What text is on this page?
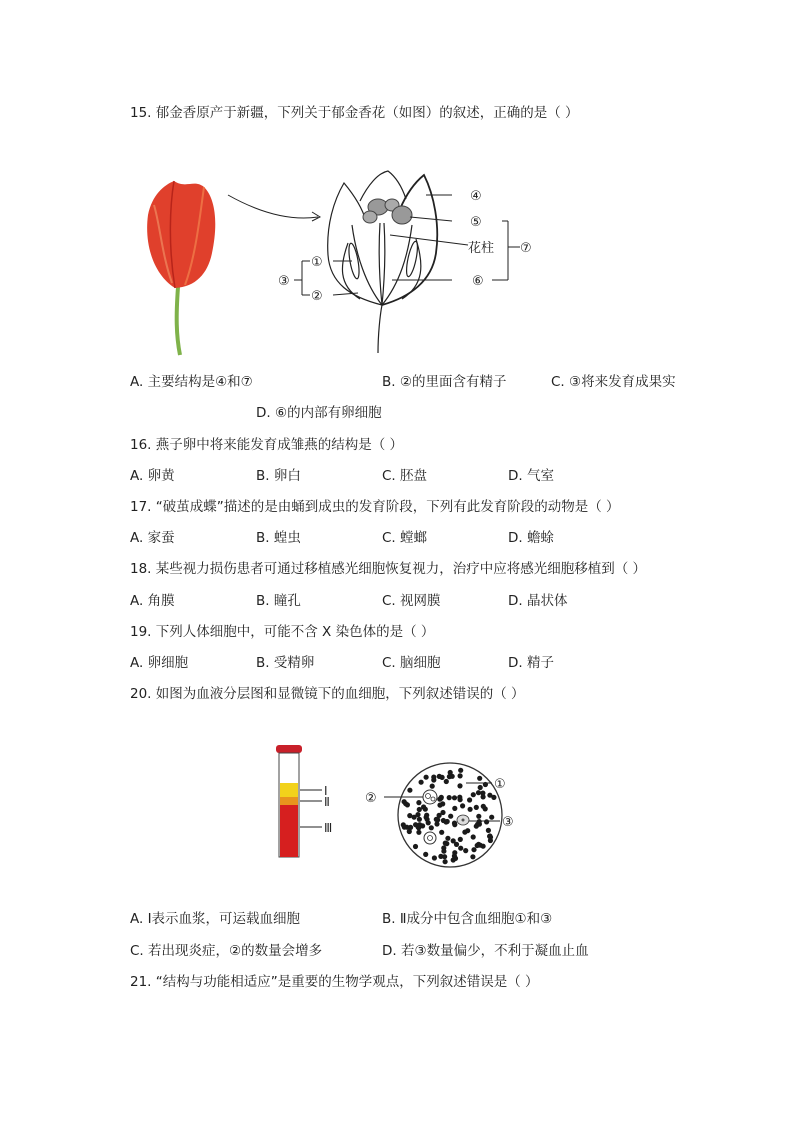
15. 郁金香原产于新疆，下列关于郁金香花（如图）的叙述，正确的是（ ）
④
⑤
花柱 ⑦
⑥
①
②
③
A. 主要结构是④和⑦	B. ②的里面含有精子	C. ③将来发育成果实
D. ⑥的内部有卵细胞
16. 燕子卵中将来能发育成雏燕的结构是（ ）
A. 卵黄	B. 卵白	C. 胚盘	D. 气室
17. “破茧成蝶”描述的是由蛹到成虫的发育阶段，下列有此发育阶段的动物是（ ）
A. 家蚕	B. 蝗虫	C. 螳螂	D. 蟾蜍
18. 某些视力损伤患者可通过移植感光细胞恢复视力，治疗中应将感光细胞移植到（ ）
A. 角膜	B. 瞳孔	C. 视网膜	D. 晶状体
19. 下列人体细胞中，可能不含 X 染色体的是（ ）
A. 卵细胞	B. 受精卵	C. 脑细胞	D. 精子
20. 如图为血液分层图和显微镜下的血细胞，下列叙述错误的（ ）
Ⅰ
Ⅱ
Ⅲ
①
②
③
A. Ⅰ表示血浆，可运载血细胞	B. Ⅱ成分中包含血细胞①和③
C. 若出现炎症，②的数量会增多	D. 若③数量偏少，不利于凝血止血
21. “结构与功能相适应”是重要的生物学观点，下列叙述错误是（ ）
